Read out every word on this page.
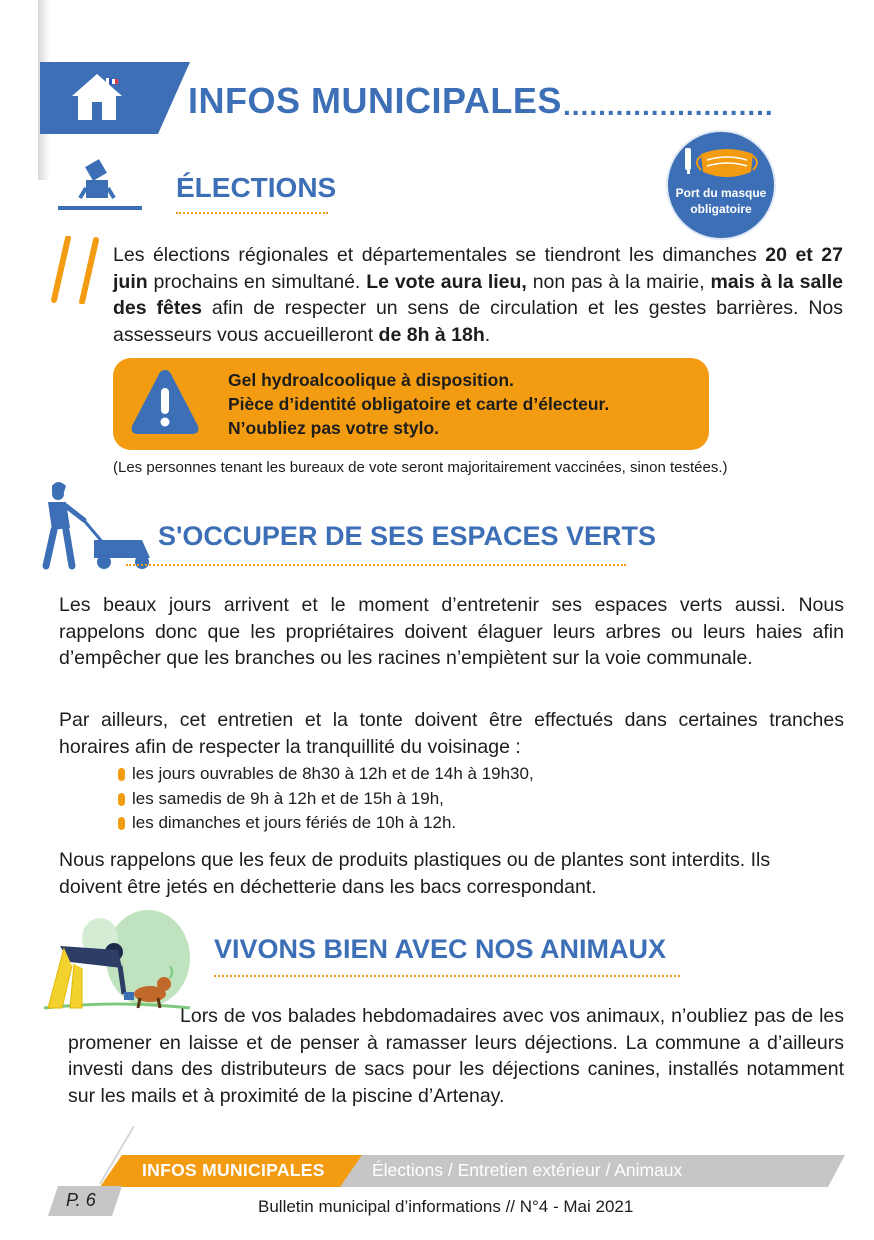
INFOS MUNICIPALES ........................
Port du masque
obligatoire
ÉLECTIONS

Les élections régionales et départementales se tiendront les dimanches 20 et 27 juin prochains en simultané. Le vote aura lieu, non pas à la mairie, mais à la salle des fêtes afin de respecter un sens de circulation et les gestes barrières. Nos assesseurs vous accueilleront de 8h à 18h.

Gel hydroalcoolique à disposition.
Pièce d’identité obligatoire et carte d’électeur.
N’oubliez pas votre stylo.
(Les personnes tenant les bureaux de vote seront majoritairement vaccinées, sinon testées.)
S'OCCUPER DE SES ESPACES VERTS

Les beaux jours arrivent et le moment d’entretenir ses espaces verts aussi. Nous rappelons donc que les propriétaires doivent élaguer leurs arbres ou leurs haies afin d’empêcher que les branches ou les racines n’empiètent sur la voie communale.

Par ailleurs, cet entretien et la tonte doivent être effectués dans certaines tranches horaires afin de respecter la tranquillité du voisinage :

les jours ouvrables de 8h30 à 12h et de 14h à 19h30,
les samedis de 9h à 12h et de 15h à 19h,
les dimanches et jours fériés de 10h à 12h.

Nous rappelons que les feux de produits plastiques ou de plantes sont interdits. Ils doivent être jetés en déchetterie dans les bacs correspondant.

VIVONS BIEN AVEC NOS ANIMAUX

Lors de vos balades hebdomadaires avec vos animaux, n’oubliez pas de les promener en laisse et de penser à ramasser leurs déjections. La commune a d’ailleurs investi dans des distributeurs de sacs pour les déjections canines, installés notamment sur les mails et à proximité de la piscine d’Artenay.

INFOS MUNICIPALES	Élections / Entretien extérieur / Animaux
P. 6	Bulletin municipal d’informations // N°4 - Mai 2021
